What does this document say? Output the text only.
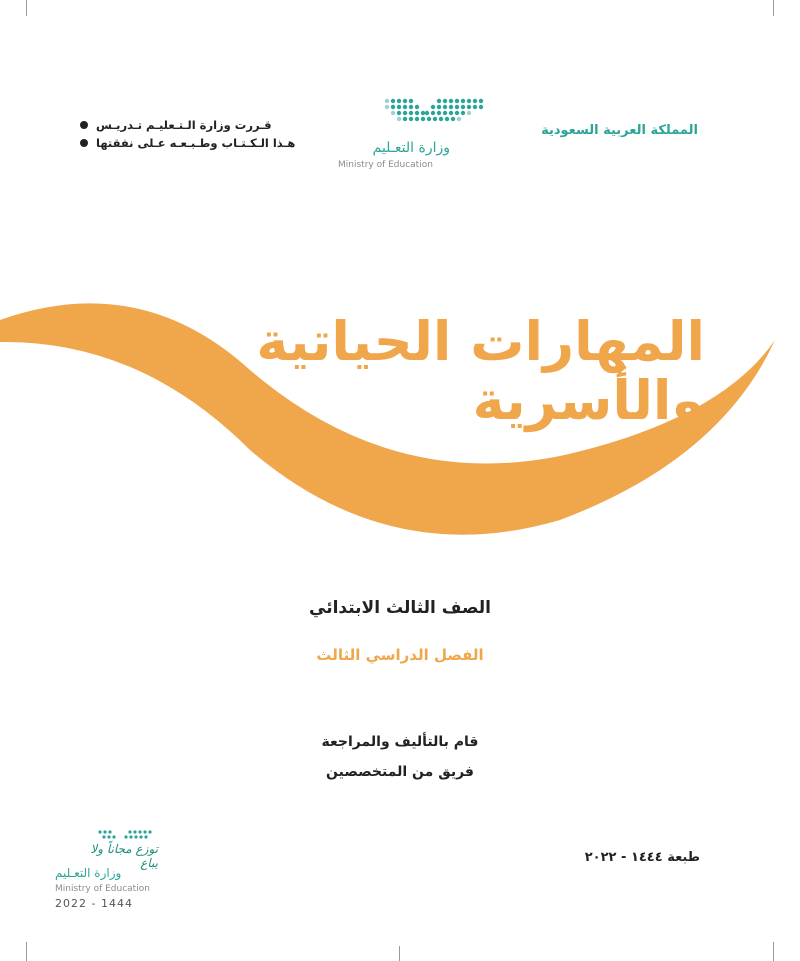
المملكة العربية السعودية
وزارة التعـليم
Ministry of Education
قـررت وزارة الـتـعليـم تـدريـس
هـذا الـكـتـاب وطـبـعـه عـلى نفقتها
المهارات الحياتية والأسرية
الصف الثالث الابتدائي
الفصل الدراسي الثالث
قام بالتأليف والمراجعة
فريق من المتخصصين
طبعة ١٤٤٤ - ٢٠٢٢
توزع مجاناً ولا يباع
وزارة التعـليم
Ministry of Education
2022 - 1444
